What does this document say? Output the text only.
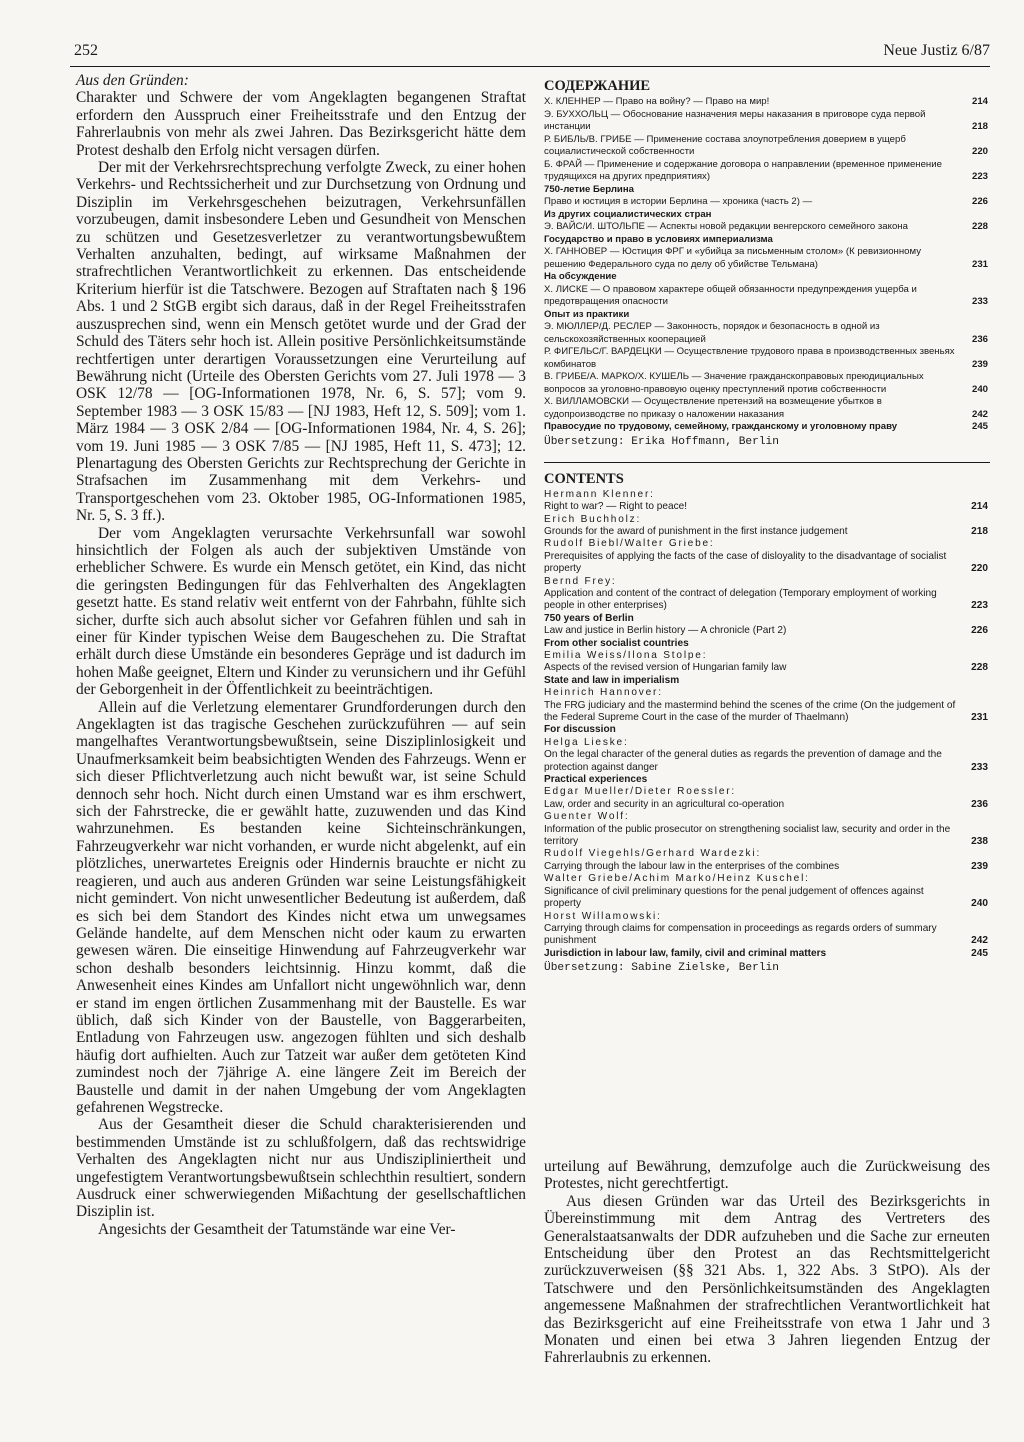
252	Neue Justiz 6/87

Aus den Gründen:

Charakter und Schwere der vom Angeklagten begangenen Straftat erfordern den Ausspruch einer Freiheitsstrafe und den Entzug der Fahrerlaubnis von mehr als zwei Jahren. Das Bezirksgericht hätte dem Protest deshalb den Erfolg nicht versagen dürfen.

Der mit der Verkehrsrechtsprechung verfolgte Zweck, zu einer hohen Verkehrs- und Rechtssicherheit und zur Durchsetzung von Ordnung und Disziplin im Verkehrsgeschehen beizutragen, Verkehrsunfällen vorzubeugen, damit insbesondere Leben und Gesundheit von Menschen zu schützen und Gesetzesverletzer zu verantwortungsbewußtem Verhalten anzuhalten, bedingt, auf wirksame Maßnahmen der strafrechtlichen Verantwortlichkeit zu erkennen. Das entscheidende Kriterium hierfür ist die Tatschwere. Bezogen auf Straftaten nach § 196 Abs. 1 und 2 StGB ergibt sich daraus, daß in der Regel Freiheitsstrafen auszusprechen sind, wenn ein Mensch getötet wurde und der Grad der Schuld des Täters sehr hoch ist. Allein positive Persönlichkeitsumstände rechtfertigen unter derartigen Voraussetzungen eine Verurteilung auf Bewährung nicht (Urteile des Obersten Gerichts vom 27. Juli 1978 — 3 OSK 12/78 — [OG-Informationen 1978, Nr. 6, S. 57]; vom 9. September 1983 — 3 OSK 15/83 — [NJ 1983, Heft 12, S. 509]; vom 1. März 1984 — 3 OSK 2/84 — [OG-Informationen 1984, Nr. 4, S. 26]; vom 19. Juni 1985 — 3 OSK 7/85 — [NJ 1985, Heft 11, S. 473]; 12. Plenartagung des Obersten Gerichts zur Rechtsprechung der Gerichte in Strafsachen im Zusammenhang mit dem Verkehrs- und Transportgeschehen vom 23. Oktober 1985, OG-Informationen 1985, Nr. 5, S. 3 ff.).

Der vom Angeklagten verursachte Verkehrsunfall war sowohl hinsichtlich der Folgen als auch der subjektiven Umstände von erheblicher Schwere. Es wurde ein Mensch getötet, ein Kind, das nicht die geringsten Bedingungen für das Fehlverhalten des Angeklagten gesetzt hatte. Es stand relativ weit entfernt von der Fahrbahn, fühlte sich sicher, durfte sich auch absolut sicher vor Gefahren fühlen und sah in einer für Kinder typischen Weise dem Baugeschehen zu. Die Straftat erhält durch diese Umstände ein besonderes Gepräge und ist dadurch im hohen Maße geeignet, Eltern und Kinder zu verunsichern und ihr Gefühl der Geborgenheit in der Öffentlichkeit zu beeinträchtigen.

Allein auf die Verletzung elementarer Grundforderungen durch den Angeklagten ist das tragische Geschehen zurückzuführen — auf sein mangelhaftes Verantwortungsbewußtsein, seine Disziplinlosigkeit und Unaufmerksamkeit beim beabsichtigten Wenden des Fahrzeugs. Wenn er sich dieser Pflichtverletzung auch nicht bewußt war, ist seine Schuld dennoch sehr hoch. Nicht durch einen Umstand war es ihm erschwert, sich der Fahrstrecke, die er gewählt hatte, zuzuwenden und das Kind wahrzunehmen. Es bestanden keine Sichteinschränkungen, Fahrzeugverkehr war nicht vorhanden, er wurde nicht abgelenkt, auf ein plötzliches, unerwartetes Ereignis oder Hindernis brauchte er nicht zu reagieren, und auch aus anderen Gründen war seine Leistungsfähigkeit nicht gemindert. Von nicht unwesentlicher Bedeutung ist außerdem, daß es sich bei dem Standort des Kindes nicht etwa um unwegsames Gelände handelte, auf dem Menschen nicht oder kaum zu erwarten gewesen wären. Die einseitige Hinwendung auf Fahrzeugverkehr war schon deshalb besonders leichtsinnig. Hinzu kommt, daß die Anwesenheit eines Kindes am Unfallort nicht ungewöhnlich war, denn er stand im engen örtlichen Zusammenhang mit der Baustelle. Es war üblich, daß sich Kinder von der Baustelle, von Baggerarbeiten, Entladung von Fahrzeugen usw. angezogen fühlten und sich deshalb häufig dort aufhielten. Auch zur Tatzeit war außer dem getöteten Kind zumindest noch der 7jährige A. eine längere Zeit im Bereich der Baustelle und damit in der nahen Umgebung der vom Angeklagten gefahrenen Wegstrecke.

Aus der Gesamtheit dieser die Schuld charakterisierenden und bestimmenden Umstände ist zu schlußfolgern, daß das rechtswidrige Verhalten des Angeklagten nicht nur aus Undiszipliniertheit und ungefestigtem Verantwortungsbewußtsein schlechthin resultiert, sondern Ausdruck einer schwerwiegenden Mißachtung der gesellschaftlichen Disziplin ist.

Angesichts der Gesamtheit der Tatumstände war eine Ver-

СОДЕРЖАНИЕ
X. КЛЕННЕР — Право на войну? — Право на мир!	214
Э. БУХХОЛЬЦ — Обоснование назначения меры наказания в приговоре суда первой инстанции	218
Р. БИБЛЬ/В. ГРИБЕ — Применение состава злоупотребления доверием в ущерб социалистической собственности	220
Б. ФРАЙ — Применение и содержание договора о направлении (временное применение трудящихся на других предприятиях)	223
750-летие Берлина
Право и юстиция в истории Берлина — хроника (часть 2) —	226
Из других социалистических стран
Э. ВАЙС/И. ШТОЛЬПЕ — Аспекты новой редакции венгерского семейного закона	228
Государство и право в условиях империализма
X. ГАННОВЕР — Юстиция ФРГ и «убийца за письменным столом» (К ревизионному решению Федерального суда по делу об убийстве Тельмана)	231
На обсуждение
X. ЛИСКЕ — О правовом характере общей обязанности предупреждения ущерба и предотвращения опасности	233
Опыт из практики
Э. МЮЛЛЕР/Д. РЕСЛЕР — Законность, порядок и безопасность в одной из сельскохозяйственных кооперацией	236
Р. ФИГЕЛЬС/Г. ВАРДЕЦКИ — Осуществление трудового права в производственных звеньях комбинатов	239
В. ГРИБЕ/А. МАРКО/Х. КУШЕЛЬ — Значение гражданскоправовых преюдициальных вопросов за уголовно-правовую оценку преступлений против собственности	240
X. ВИЛЛАМОВСКИ — Осуществление претензий на возмещение убытков в судопроизводстве по приказу о наложении наказания	242
Правосудие по трудовому, семейному, гражданскому и уголовному праву	245
Übersetzung: Erika Hoffmann, Berlin
CONTENTS
Hermann Klenner:
Right to war? — Right to peace!	214
Erich Buchholz:
Grounds for the award of punishment in the first instance judgement	218
Rudolf Biebl/Walter Griebe:
Prerequisites of applying the facts of the case of disloyality to the disadvantage of socialist property	220
Bernd Frey:
Application and content of the contract of delegation (Temporary employment of working people in other enterprises)	223
750 years of Berlin
Law and justice in Berlin history — A chronicle (Part 2)	226
From other socialist countries
Emilia Weiss/Ilona Stolpe:
Aspects of the revised version of Hungarian family law	228
State and law in imperialism
Heinrich Hannover:
The FRG judiciary and the mastermind behind the scenes of the crime (On the judgement of the Federal Supreme Court in the case of the murder of Thaelmann)	231
For discussion
Helga Lieske:
On the legal character of the general duties as regards the prevention of damage and the protection against danger	233
Practical experiences
Edgar Mueller/Dieter Roessler:
Law, order and security in an agricultural co-operation	236
Guenter Wolf:
Information of the public prosecutor on strengthening socialist law, security and order in the territory	238
Rudolf Viegehls/Gerhard Wardezki:
Carrying through the labour law in the enterprises of the combines	239
Walter Griebe/Achim Marko/Heinz Kuschel:
Significance of civil preliminary questions for the penal judgement of offences against property	240
Horst Willamowski:
Carrying through claims for compensation in proceedings as regards orders of summary punishment	242
Jurisdiction in labour law, family, civil and criminal matters	245
Übersetzung: Sabine Zielske, Berlin

urteilung auf Bewährung, demzufolge auch die Zurückweisung des Protestes, nicht gerechtfertigt.

Aus diesen Gründen war das Urteil des Bezirksgerichts in Übereinstimmung mit dem Antrag des Vertreters des Generalstaatsanwalts der DDR aufzuheben und die Sache zur erneuten Entscheidung über den Protest an das Rechtsmittelgericht zurückzuverweisen (§§ 321 Abs. 1, 322 Abs. 3 StPO). Als der Tatschwere und den Persönlichkeitsumständen des Angeklagten angemessene Maßnahmen der strafrechtlichen Verantwortlichkeit hat das Bezirksgericht auf eine Freiheitsstrafe von etwa 1 Jahr und 3 Monaten und einen bei etwa 3 Jahren liegenden Entzug der Fahrerlaubnis zu erkennen.
